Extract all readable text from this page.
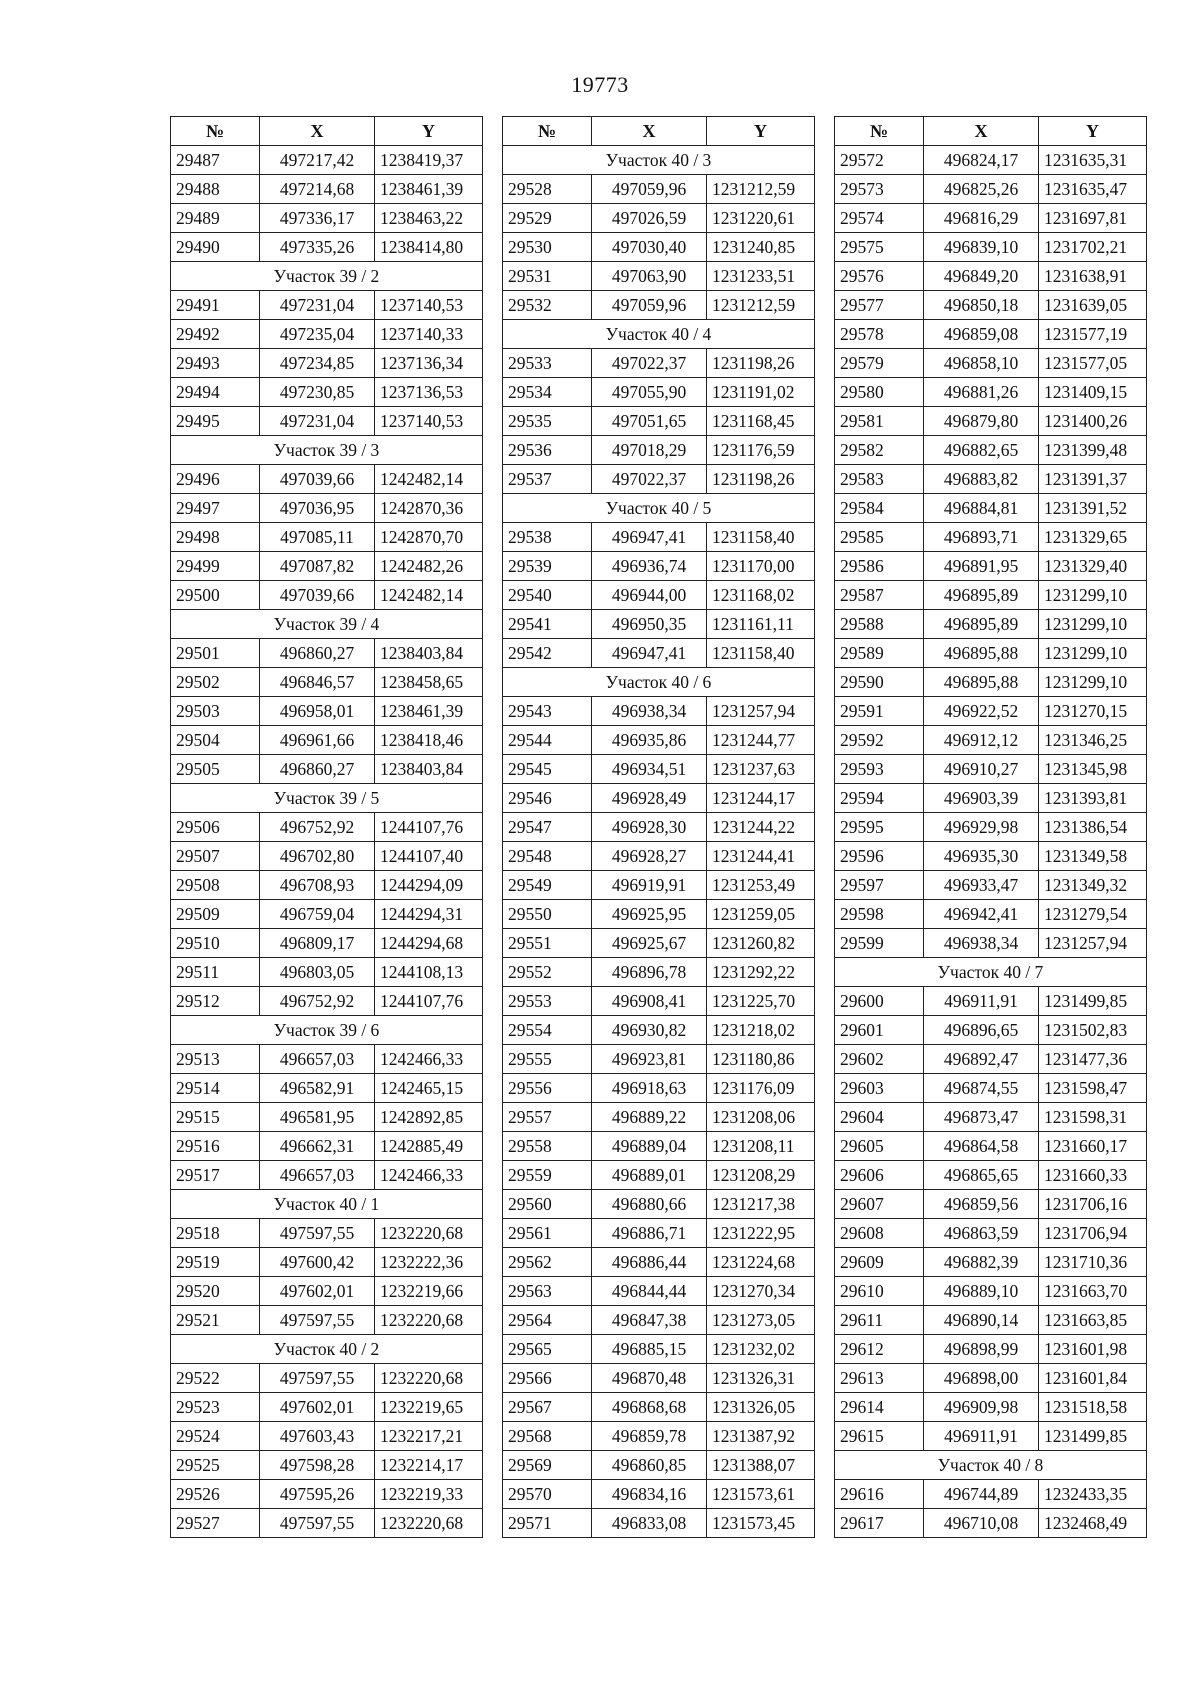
19773
№	X	Y
29487	497217,42	1238419,37
29488	497214,68	1238461,39
29489	497336,17	1238463,22
29490	497335,26	1238414,80
Участок 39 / 2		
29491	497231,04	1237140,53
29492	497235,04	1237140,33
29493	497234,85	1237136,34
29494	497230,85	1237136,53
29495	497231,04	1237140,53
Участок 39 / 3		
29496	497039,66	1242482,14
29497	497036,95	1242870,36
29498	497085,11	1242870,70
29499	497087,82	1242482,26
29500	497039,66	1242482,14
Участок 39 / 4		
29501	496860,27	1238403,84
29502	496846,57	1238458,65
29503	496958,01	1238461,39
29504	496961,66	1238418,46
29505	496860,27	1238403,84
Участок 39 / 5		
29506	496752,92	1244107,76
29507	496702,80	1244107,40
29508	496708,93	1244294,09
29509	496759,04	1244294,31
29510	496809,17	1244294,68
29511	496803,05	1244108,13
29512	496752,92	1244107,76
Участок 39 / 6		
29513	496657,03	1242466,33
29514	496582,91	1242465,15
29515	496581,95	1242892,85
29516	496662,31	1242885,49
29517	496657,03	1242466,33
Участок 40 / 1		
29518	497597,55	1232220,68
29519	497600,42	1232222,36
29520	497602,01	1232219,66
29521	497597,55	1232220,68
Участок 40 / 2		
29522	497597,55	1232220,68
29523	497602,01	1232219,65
29524	497603,43	1232217,21
29525	497598,28	1232214,17
29526	497595,26	1232219,33
29527	497597,55	1232220,68
№	X	Y
Участок 40 / 3		
29528	497059,96	1231212,59
29529	497026,59	1231220,61
29530	497030,40	1231240,85
29531	497063,90	1231233,51
29532	497059,96	1231212,59
Участок 40 / 4		
29533	497022,37	1231198,26
29534	497055,90	1231191,02
29535	497051,65	1231168,45
29536	497018,29	1231176,59
29537	497022,37	1231198,26
Участок 40 / 5		
29538	496947,41	1231158,40
29539	496936,74	1231170,00
29540	496944,00	1231168,02
29541	496950,35	1231161,11
29542	496947,41	1231158,40
Участок 40 / 6		
29543	496938,34	1231257,94
29544	496935,86	1231244,77
29545	496934,51	1231237,63
29546	496928,49	1231244,17
29547	496928,30	1231244,22
29548	496928,27	1231244,41
29549	496919,91	1231253,49
29550	496925,95	1231259,05
29551	496925,67	1231260,82
29552	496896,78	1231292,22
29553	496908,41	1231225,70
29554	496930,82	1231218,02
29555	496923,81	1231180,86
29556	496918,63	1231176,09
29557	496889,22	1231208,06
29558	496889,04	1231208,11
29559	496889,01	1231208,29
29560	496880,66	1231217,38
29561	496886,71	1231222,95
29562	496886,44	1231224,68
29563	496844,44	1231270,34
29564	496847,38	1231273,05
29565	496885,15	1231232,02
29566	496870,48	1231326,31
29567	496868,68	1231326,05
29568	496859,78	1231387,92
29569	496860,85	1231388,07
29570	496834,16	1231573,61
29571	496833,08	1231573,45
№	X	Y
29572	496824,17	1231635,31
29573	496825,26	1231635,47
29574	496816,29	1231697,81
29575	496839,10	1231702,21
29576	496849,20	1231638,91
29577	496850,18	1231639,05
29578	496859,08	1231577,19
29579	496858,10	1231577,05
29580	496881,26	1231409,15
29581	496879,80	1231400,26
29582	496882,65	1231399,48
29583	496883,82	1231391,37
29584	496884,81	1231391,52
29585	496893,71	1231329,65
29586	496891,95	1231329,40
29587	496895,89	1231299,10
29588	496895,89	1231299,10
29589	496895,88	1231299,10
29590	496895,88	1231299,10
29591	496922,52	1231270,15
29592	496912,12	1231346,25
29593	496910,27	1231345,98
29594	496903,39	1231393,81
29595	496929,98	1231386,54
29596	496935,30	1231349,58
29597	496933,47	1231349,32
29598	496942,41	1231279,54
29599	496938,34	1231257,94
Участок 40 / 7		
29600	496911,91	1231499,85
29601	496896,65	1231502,83
29602	496892,47	1231477,36
29603	496874,55	1231598,47
29604	496873,47	1231598,31
29605	496864,58	1231660,17
29606	496865,65	1231660,33
29607	496859,56	1231706,16
29608	496863,59	1231706,94
29609	496882,39	1231710,36
29610	496889,10	1231663,70
29611	496890,14	1231663,85
29612	496898,99	1231601,98
29613	496898,00	1231601,84
29614	496909,98	1231518,58
29615	496911,91	1231499,85
Участок 40 / 8		
29616	496744,89	1232433,35
29617	496710,08	1232468,49
